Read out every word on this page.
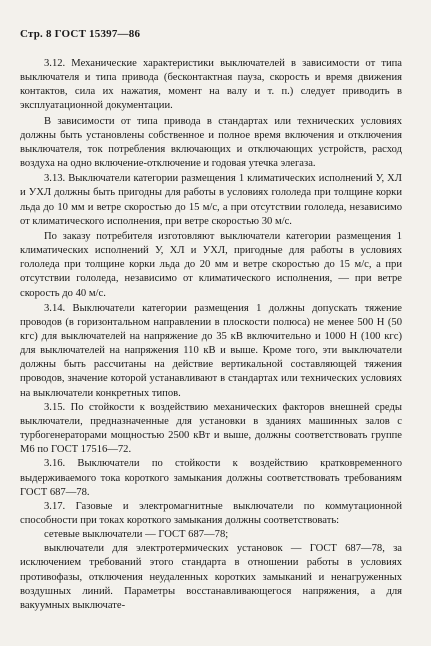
Стр. 8 ГОСТ 15397—86

3.12. Механические характеристики выключателей в зависимости от типа выключателя и типа привода (бесконтактная пауза, скорость и время движения контактов, сила их нажатия, момент на валу и т. п.) следует приводить в эксплуатационной документации.

В зависимости от типа привода в стандартах или технических условиях должны быть установлены собственное и полное время включения и отключения выключателя, ток потребления включающих и отключающих устройств, расход воздуха на одно включение-отключение и годовая утечка элегаза.

3.13. Выключатели категории размещения 1 климатических исполнений У, ХЛ и УХЛ должны быть пригодны для работы в условиях гололеда при толщине корки льда до 10 мм и ветре скоростью до 15 м/с, а при отсутствии гололеда, независимо от климатического исполнения, при ветре скоростью 30 м/с.

По заказу потребителя изготовляют выключатели категории размещения 1 климатических исполнений У, ХЛ и УХЛ, пригодные для работы в условиях гололеда при толщине корки льда до 20 мм и ветре скоростью до 15 м/с, а при отсутствии гололеда, независимо от климатического исполнения, — при ветре скорость до 40 м/с.

3.14. Выключатели категории размещения 1 должны допускать тяжение проводов (в горизонтальном направлении в плоскости полюса) не менее 500 Н (50 кгс) для выключателей на напряжение до 35 кВ включительно и 1000 Н (100 кгс) для выключателей на напряжения 110 кВ и выше. Кроме того, эти выключатели должны быть рассчитаны на действие вертикальной составляющей тяжения проводов, значение которой устанавливают в стандартах или технических условиях на выключатели конкретных типов.

3.15. По стойкости к воздействию механических факторов внешней среды выключатели, предназначенные для установки в зданиях машинных залов с турбогенераторами мощностью 2500 кВт и выше, должны соответствовать группе М6 по ГОСТ 17516—72.

3.16. Выключатели по стойкости к воздействию кратковременного выдерживаемого тока короткого замыкания должны соответствовать требованиям ГОСТ 687—78.

3.17. Газовые и электромагнитные выключатели по коммутационной способности при токах короткого замыкания должны соответствовать:

сетевые выключатели — ГОСТ 687—78;

выключатели для электротермических установок — ГОСТ 687—78, за исключением требований этого стандарта в отношении работы в условиях противофазы, отключения неудаленных коротких замыканий и ненагруженных воздушных линий. Параметры восстанавливающегося напряжения, а для вакуумных выключате-
